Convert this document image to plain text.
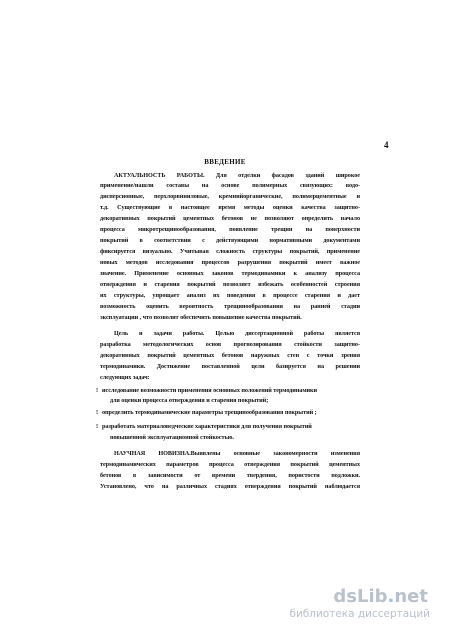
4
ВВЕДЕНИЕ
АКТУАЛЬНОСТЬ РАБОТЫ. Для отделки фасадов зданий широкое
применение/нашли составы на основе полимерных связующих: водо-
дисперсионные, перхлорвиниловые, кремнийорганические, полимерцементные и
т.д. Существующие в настоящее время методы оценки качества защитно-
декоративных покрытий цементных бетонов не позволяют определить начало
процесса микротрещинообразования, появление трещин на поверхности
покрытий в соответствии с действующими нормативными документами
фиксируется визуально. Учитывая сложность структуры покрытий, применение
новых методов исследования процессов разрушения покрытий имеет важное
значение. Применение основных законов термодинамики к анализу процесса
отверждения и старения покрытий позволяет избежать особенностей строения
их структуры, упрощает анализ их поведения в процессе старения и дает
возможность оценить вероятность трещинообразования на ранней стадии
эксплуатации , что позволит обеспечить повышение качества покрытий.
Цель и задачи работы. Целью диссертационной работы является
разработка методологических основ прогнозирования стойкости защитно-
декоративных покрытий цементных бетонов наружных стен с точки зрения
термодинамики. Достижение поставленной цели базируется на решении
следующих задач:
! исследование возможности применения основных положений термодинамики
для оценки процесса отверждения и старения покрытий;
! определить термодинамические параметры трещинообразования покрытий ;
! разработать материаловедческие характеристики для получения покрытий
повышенной эксплуатационной стойкостью.
НАУЧНАЯ НОВИЗНА.Выявлены основные закономерности изменения
термодинамических параметров процесса отверждения покрытий цементных
бетонов в зависимости от времени твердения, пористости подложки.
Установлено, что на различных стадиях отверждения покрытий наблюдается
dsLib.net
библиотека диссертаций
